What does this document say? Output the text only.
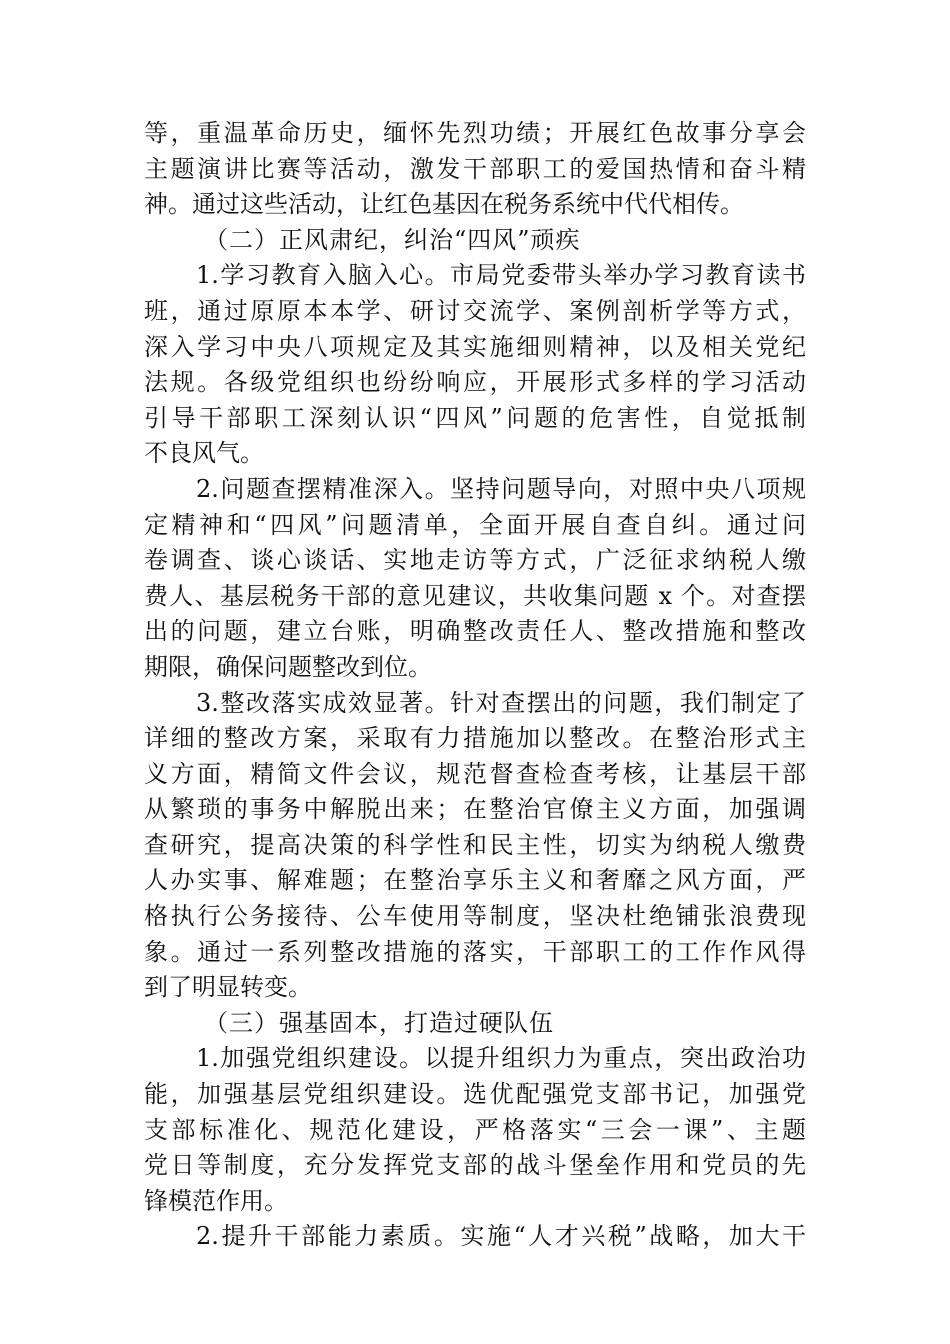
等，重温革命历史，缅怀先烈功绩；开展红色故事分享会
主题演讲比赛等活动，激发干部职工的爱国热情和奋斗精
神。通过这些活动，让红色基因在税务系统中代代相传。
（二）正风肃纪，纠治“四风”顽疾
1.学习教育入脑入心。市局党委带头举办学习教育读书
班，通过原原本本学、研讨交流学、案例剖析学等方式，
深入学习中央八项规定及其实施细则精神，以及相关党纪
法规。各级党组织也纷纷响应，开展形式多样的学习活动
引导干部职工深刻认识“四风”问题的危害性，自觉抵制
不良风气。
2.问题查摆精准深入。坚持问题导向，对照中央八项规
定精神和“四风”问题清单，全面开展自查自纠。通过问
卷调查、谈心谈话、实地走访等方式，广泛征求纳税人缴
费人、基层税务干部的意见建议，共收集问题 x 个。对查摆
出的问题，建立台账，明确整改责任人、整改措施和整改
期限，确保问题整改到位。
3.整改落实成效显著。针对查摆出的问题，我们制定了
详细的整改方案，采取有力措施加以整改。在整治形式主
义方面，精简文件会议，规范督查检查考核，让基层干部
从繁琐的事务中解脱出来；在整治官僚主义方面，加强调
查研究，提高决策的科学性和民主性，切实为纳税人缴费
人办实事、解难题；在整治享乐主义和奢靡之风方面，严
格执行公务接待、公车使用等制度，坚决杜绝铺张浪费现
象。通过一系列整改措施的落实，干部职工的工作作风得
到了明显转变。
（三）强基固本，打造过硬队伍
1.加强党组织建设。以提升组织力为重点，突出政治功
能，加强基层党组织建设。选优配强党支部书记，加强党
支部标准化、规范化建设，严格落实“三会一课”、主题
党日等制度，充分发挥党支部的战斗堡垒作用和党员的先
锋模范作用。
2.提升干部能力素质。实施“人才兴税”战略，加大干
